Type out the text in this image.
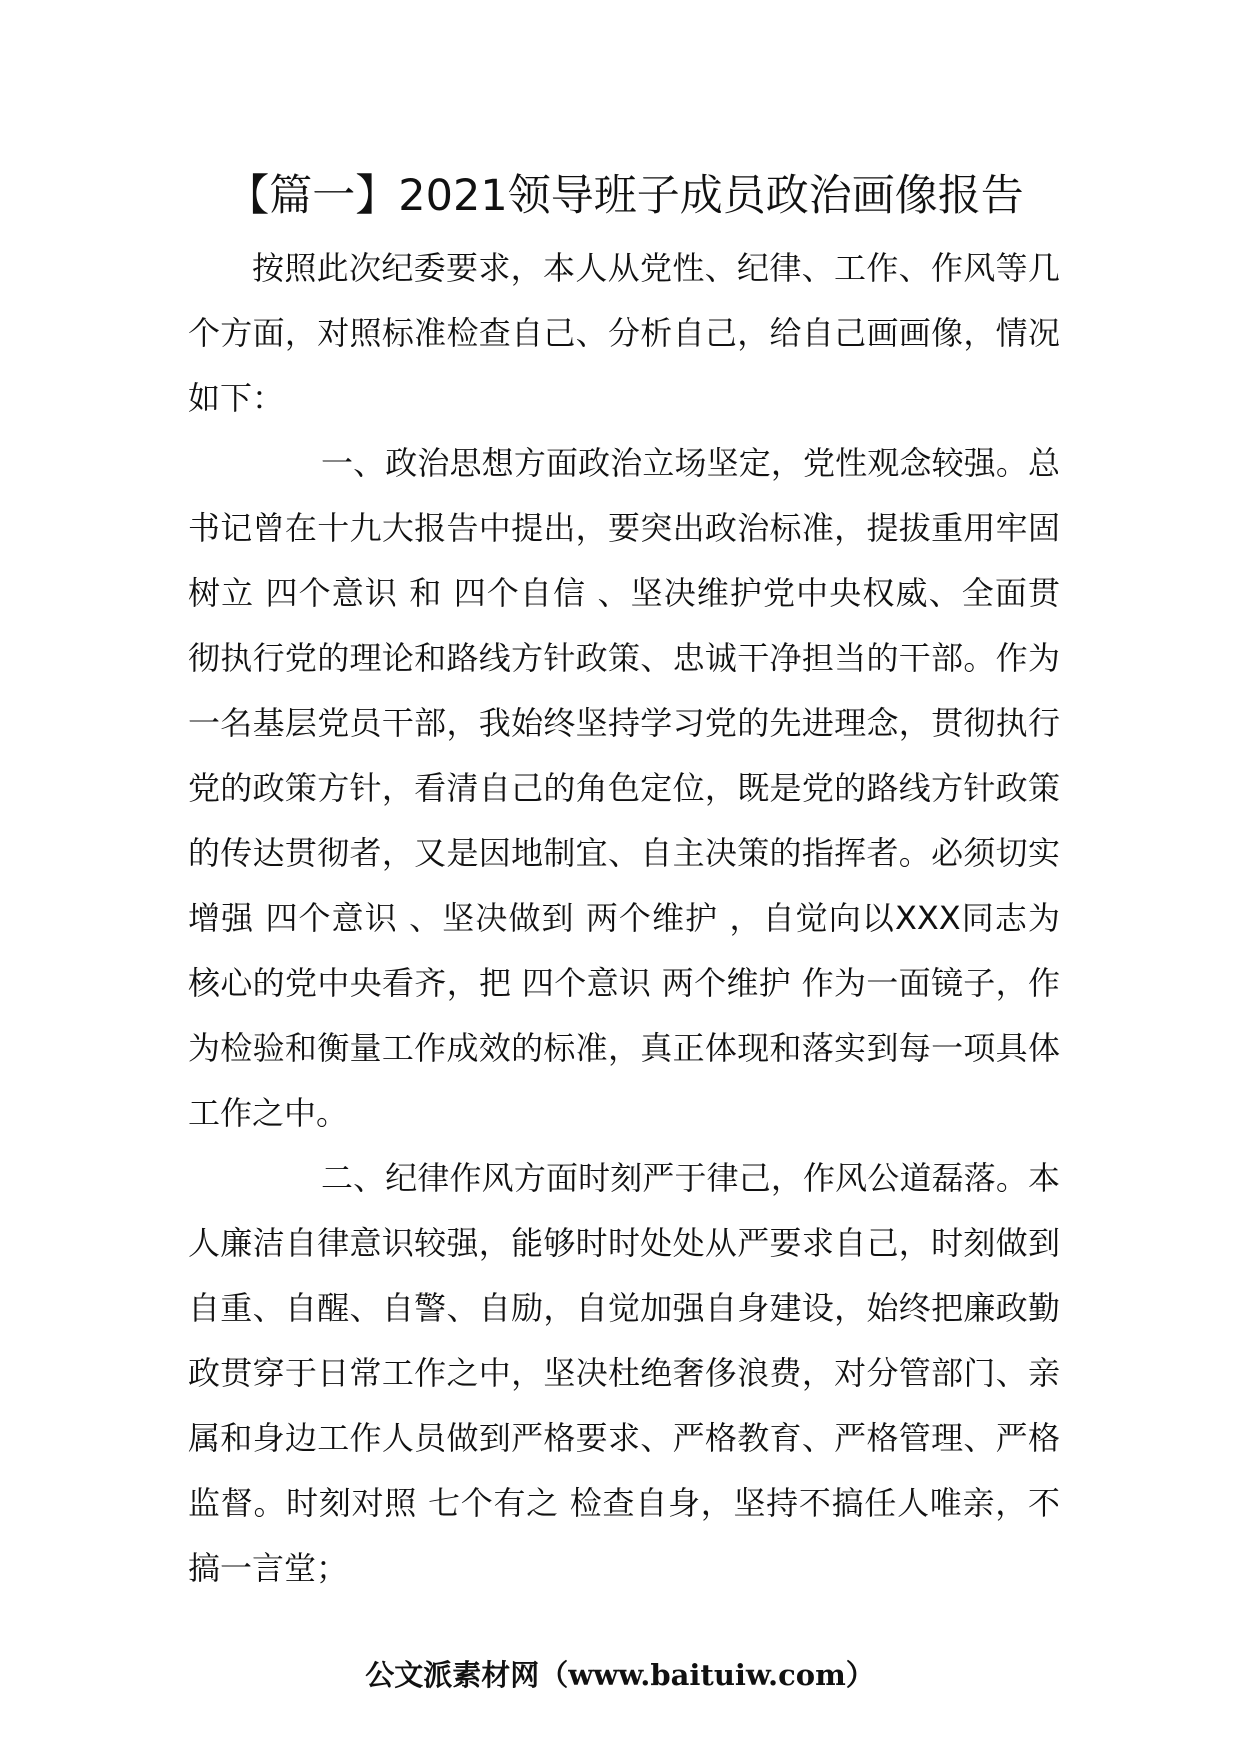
【篇一】2021领导班子成员政治画像报告

按照此次纪委要求，本人从党性、纪律、工作、作风等几个方面，对照标准检查自己、分析自己，给自己画画像，情况如下：

一、政治思想方面政治立场坚定，党性观念较强。总书记曾在十九大报告中提出，要突出政治标准，提拔重用牢固树立 四个意识 和 四个自信 、坚决维护党中央权威、全面贯彻执行党的理论和路线方针政策、忠诚干净担当的干部。作为一名基层党员干部，我始终坚持学习党的先进理念，贯彻执行党的政策方针，看清自己的角色定位，既是党的路线方针政策的传达贯彻者，又是因地制宜、自主决策的指挥者。必须切实增强 四个意识 、坚决做到 两个维护 ，自觉向以XXX同志为核心的党中央看齐，把 四个意识 两个维护 作为一面镜子，作为检验和衡量工作成效的标准，真正体现和落实到每一项具体工作之中。

二、纪律作风方面时刻严于律己，作风公道磊落。本人廉洁自律意识较强，能够时时处处从严要求自己，时刻做到自重、自醒、自警、自励，自觉加强自身建设，始终把廉政勤政贯穿于日常工作之中，坚决杜绝奢侈浪费，对分管部门、亲属和身边工作人员做到严格要求、严格教育、严格管理、严格监督。时刻对照 七个有之 检查自身，坚持不搞任人唯亲，不搞一言堂；

公文派素材网（www.baituiw.com）
